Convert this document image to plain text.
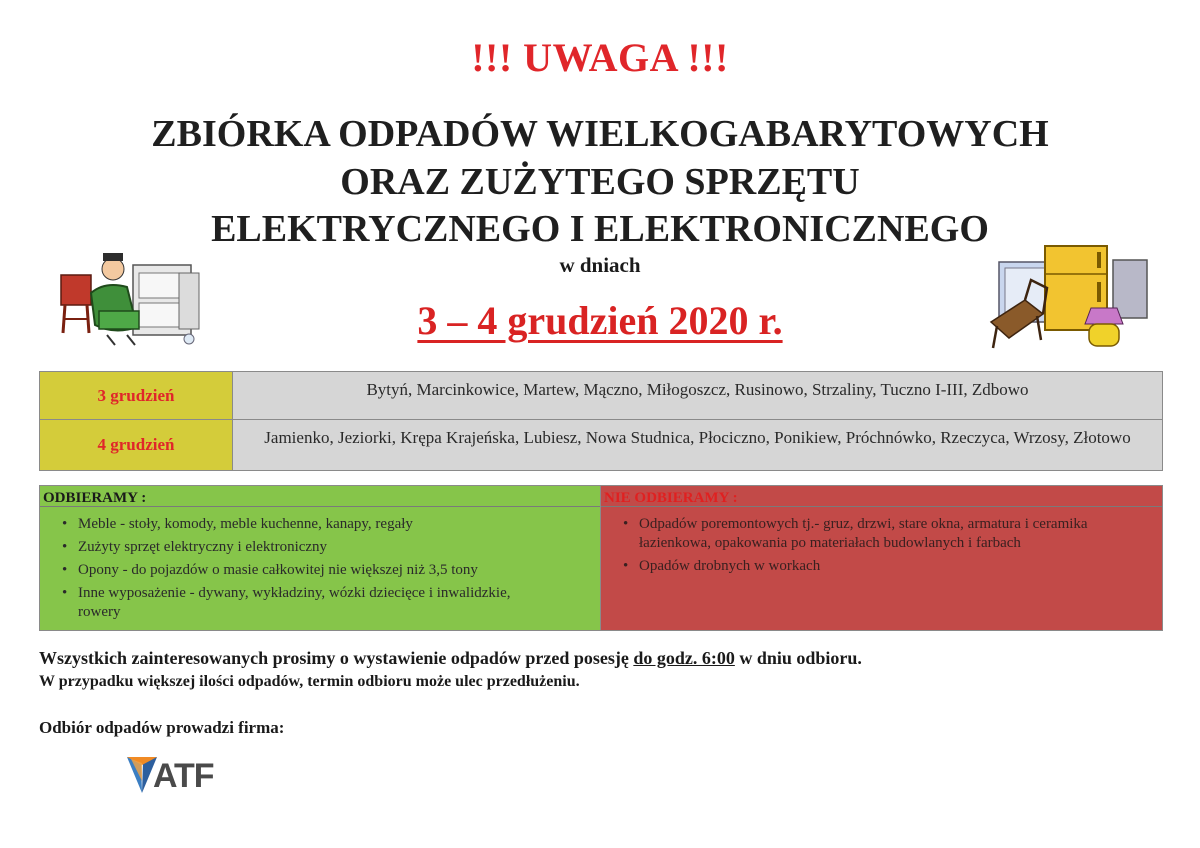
!!! UWAGA !!!
ZBIÓRKA ODPADÓW WIELKOGABARYTOWYCH
ORAZ ZUŻYTEGO SPRZĘTU
ELEKTRYCZNEGO I ELEKTRONICZNEGO
w dniach
3 – 4 grudzień 2020 r.
3 grudzień	Bytyń, Marcinkowice, Martew, Mączno, Miłogoszcz, Rusinowo, Strzaliny, Tuczno I-III, Zdbowo
4 grudzień	Jamienko, Jeziorki, Krępa Krajeńska, Lubiesz, Nowa Studnica, Płociczno, Ponikiew, Próchnówko, Rzeczyca, Wrzosy, Złotowo
ODBIERAMY :
• Meble - stoły, komody, meble kuchenne, kanapy, regały
• Zużyty sprzęt elektryczny i elektroniczny
• Opony - do pojazdów o masie całkowitej nie większej niż 3,5 tony
• Inne wyposażenie - dywany, wykładziny, wózki dziecięce i inwalidzkie, rowery
NIE ODBIERAMY :
• Odpadów poremontowych tj.- gruz, drzwi, stare okna, armatura i ceramika łazienkowa, opakowania po materiałach budowlanych i farbach
• Opadów drobnych w workach
Wszystkich zainteresowanych prosimy o wystawienie odpadów przed posesję do godz. 6:00 w dniu odbioru.
W przypadku większej ilości odpadów, termin odbioru może ulec przedłużeniu.
Odbiór odpadów prowadzi firma:
ATF
